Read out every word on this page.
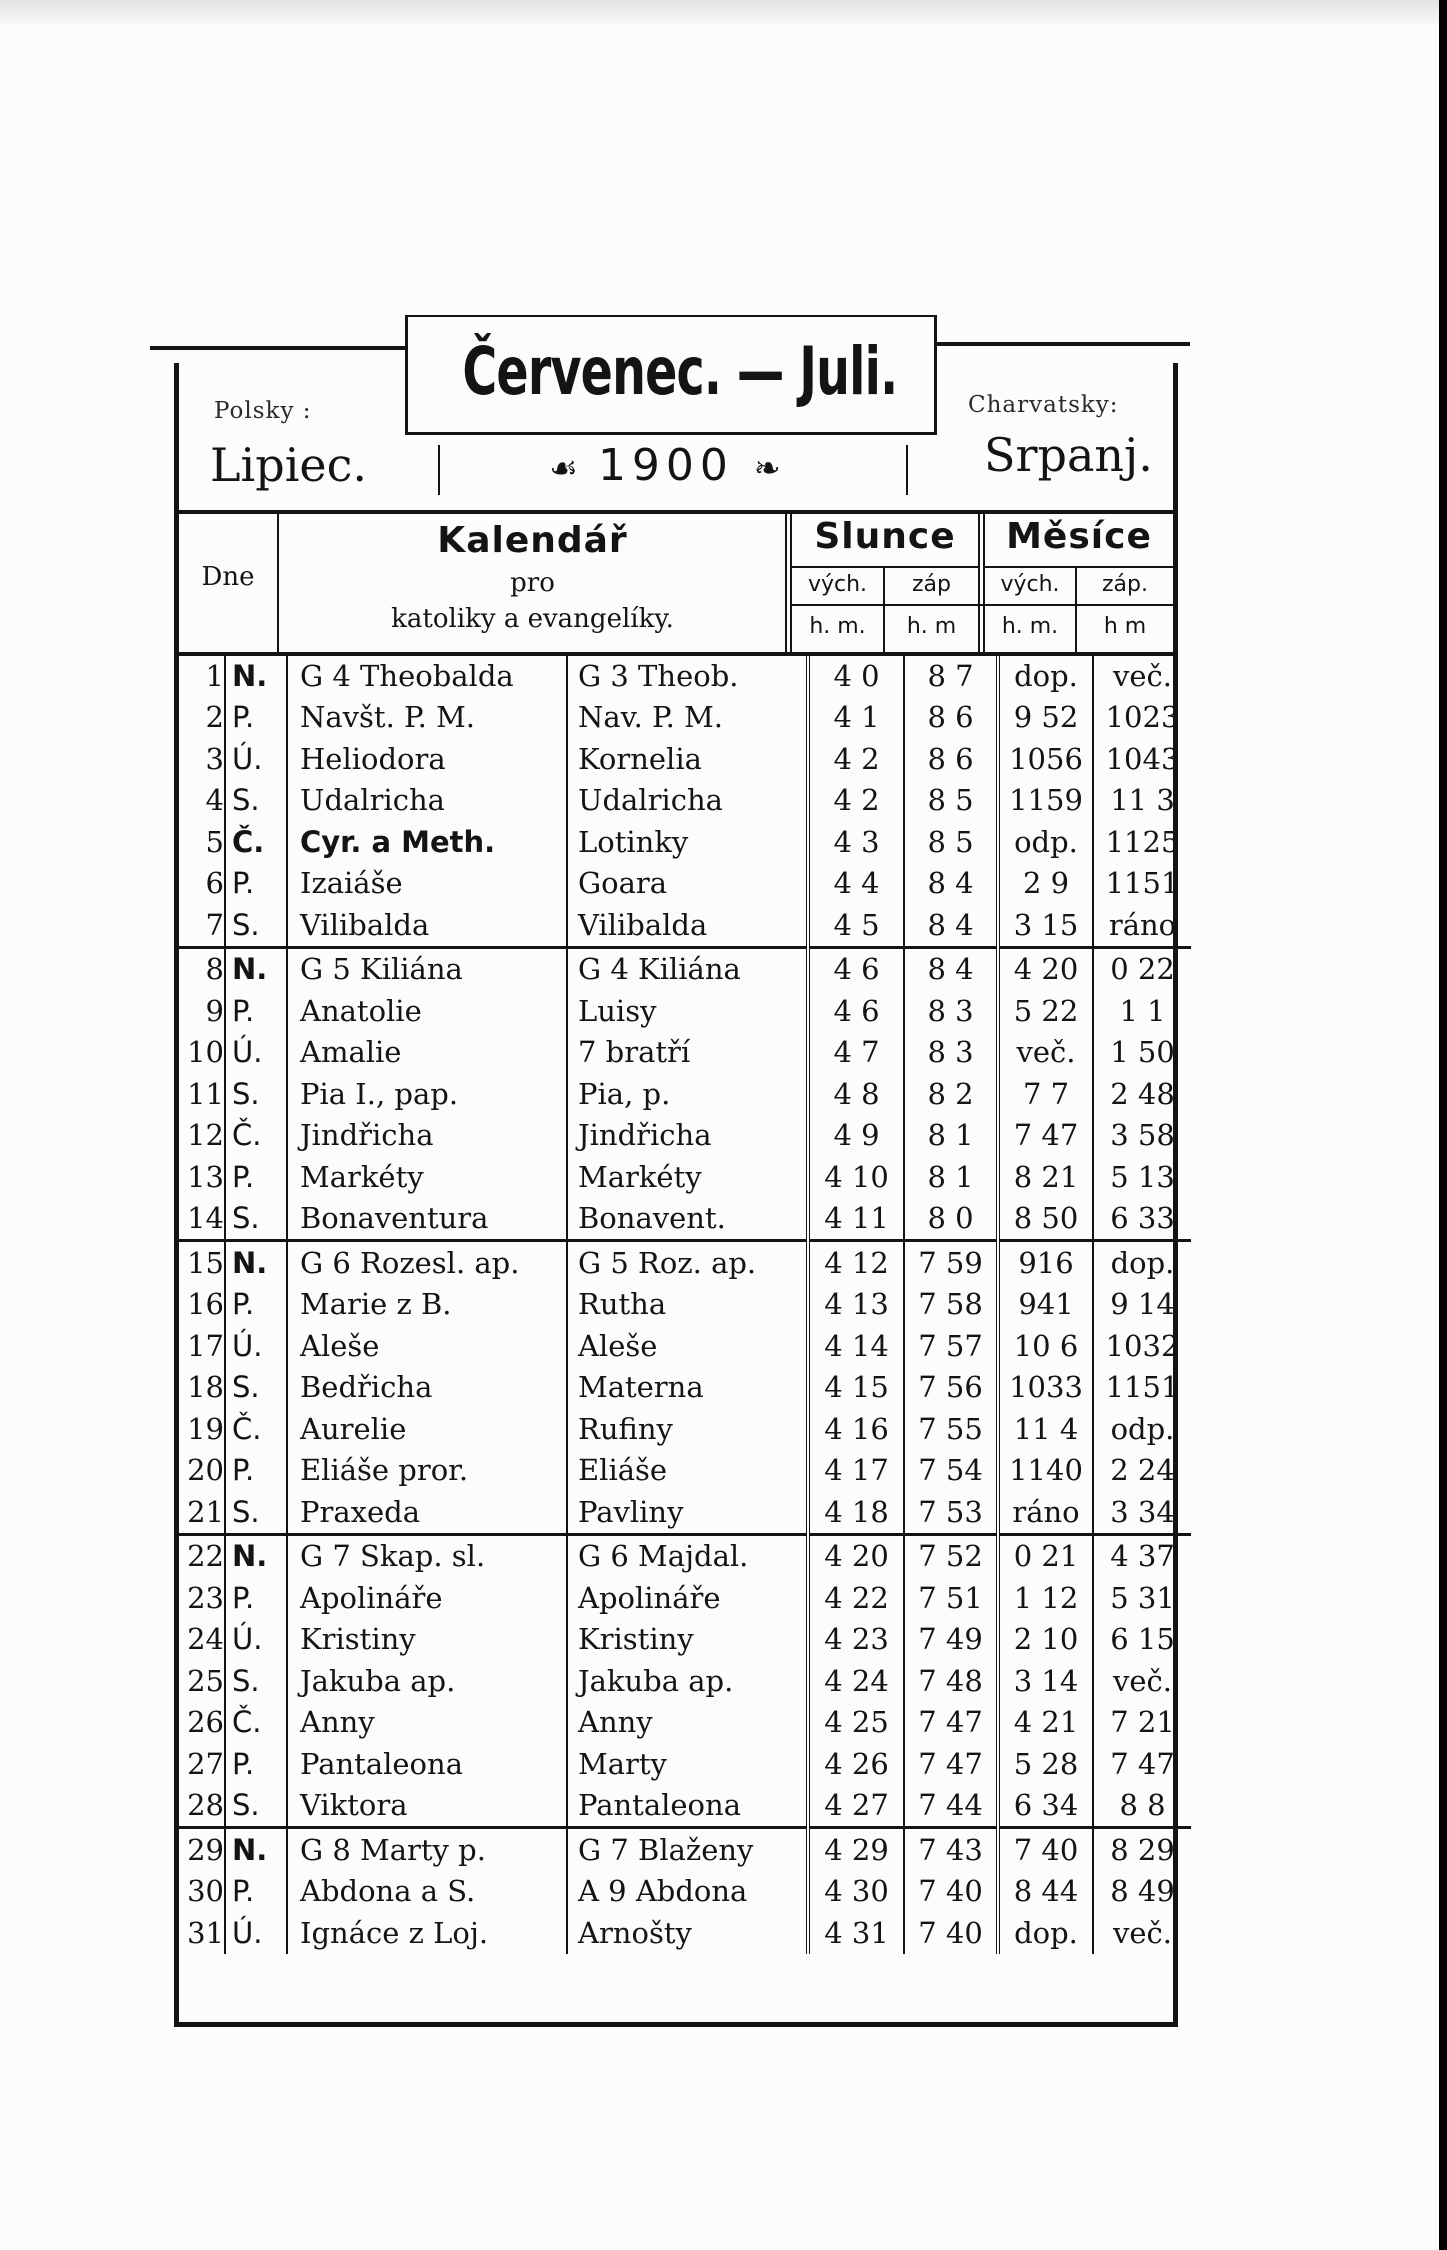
Červenec. — Juli.
Polsky :
Lipiec.
Charvatsky:
Srpanj.
☙ 1900 ❧
Dne
Kalendář
pro
katoliky a evangelíky.
Slunce	Měsíce
vých.	záp	vých.	záp.
h. m.	h. m	h. m.	h m
1	N.	G 4 Theobalda	G 3 Theob.	4 0	8 7	dop.	več.
2	P.	Navšt. P. M.	Nav. P. M.	4 1	8 6	9 52	1023
3	Ú.	Heliodora	Kornelia	4 2	8 6	1056	1043
4	S.	Udalricha	Udalricha	4 2	8 5	1159	11 3
5	Č.	Cyr. a Meth.	Lotinky	4 3	8 5	odp.	1125
6	P.	Izaiáše	Goara	4 4	8 4	2 9	1151
7	S.	Vilibalda	Vilibalda	4 5	8 4	3 15	ráno
8	N.	G 5 Kiliána	G 4 Kiliána	4 6	8 4	4 20	0 22
9	P.	Anatolie	Luisy	4 6	8 3	5 22	1 1
10	Ú.	Amalie	7 bratří	4 7	8 3	več.	1 50
11	S.	Pia I., pap.	Pia, p.	4 8	8 2	7 7	2 48
12	Č.	Jindřicha	Jindřicha	4 9	8 1	7 47	3 58
13	P.	Markéty	Markéty	4 10	8 1	8 21	5 13
14	S.	Bonaventura	Bonavent.	4 11	8 0	8 50	6 33
15	N.	G 6 Rozesl. ap.	G 5 Roz. ap.	4 12	7 59	916	dop.
16	P.	Marie z B.	Rutha	4 13	7 58	941	9 14
17	Ú.	Aleše	Aleše	4 14	7 57	10 6	1032
18	S.	Bedřicha	Materna	4 15	7 56	1033	1151
19	Č.	Aurelie	Rufiny	4 16	7 55	11 4	odp.
20	P.	Eliáše pror.	Eliáše	4 17	7 54	1140	2 24
21	S.	Praxeda	Pavliny	4 18	7 53	ráno	3 34
22	N.	G 7 Skap. sl.	G 6 Majdal.	4 20	7 52	0 21	4 37
23	P.	Apolináře	Apolináře	4 22	7 51	1 12	5 31
24	Ú.	Kristiny	Kristiny	4 23	7 49	2 10	6 15
25	S.	Jakuba ap.	Jakuba ap.	4 24	7 48	3 14	več.
26	Č.	Anny	Anny	4 25	7 47	4 21	7 21
27	P.	Pantaleona	Marty	4 26	7 47	5 28	7 47
28	S.	Viktora	Pantaleona	4 27	7 44	6 34	8 8
29	N.	G 8 Marty p.	G 7 Blaženy	4 29	7 43	7 40	8 29
30	P.	Abdona a S.	A 9 Abdona	4 30	7 40	8 44	8 49
31	Ú.	Ignáce z Loj.	Arnošty	4 31	7 40	dop.	več.
